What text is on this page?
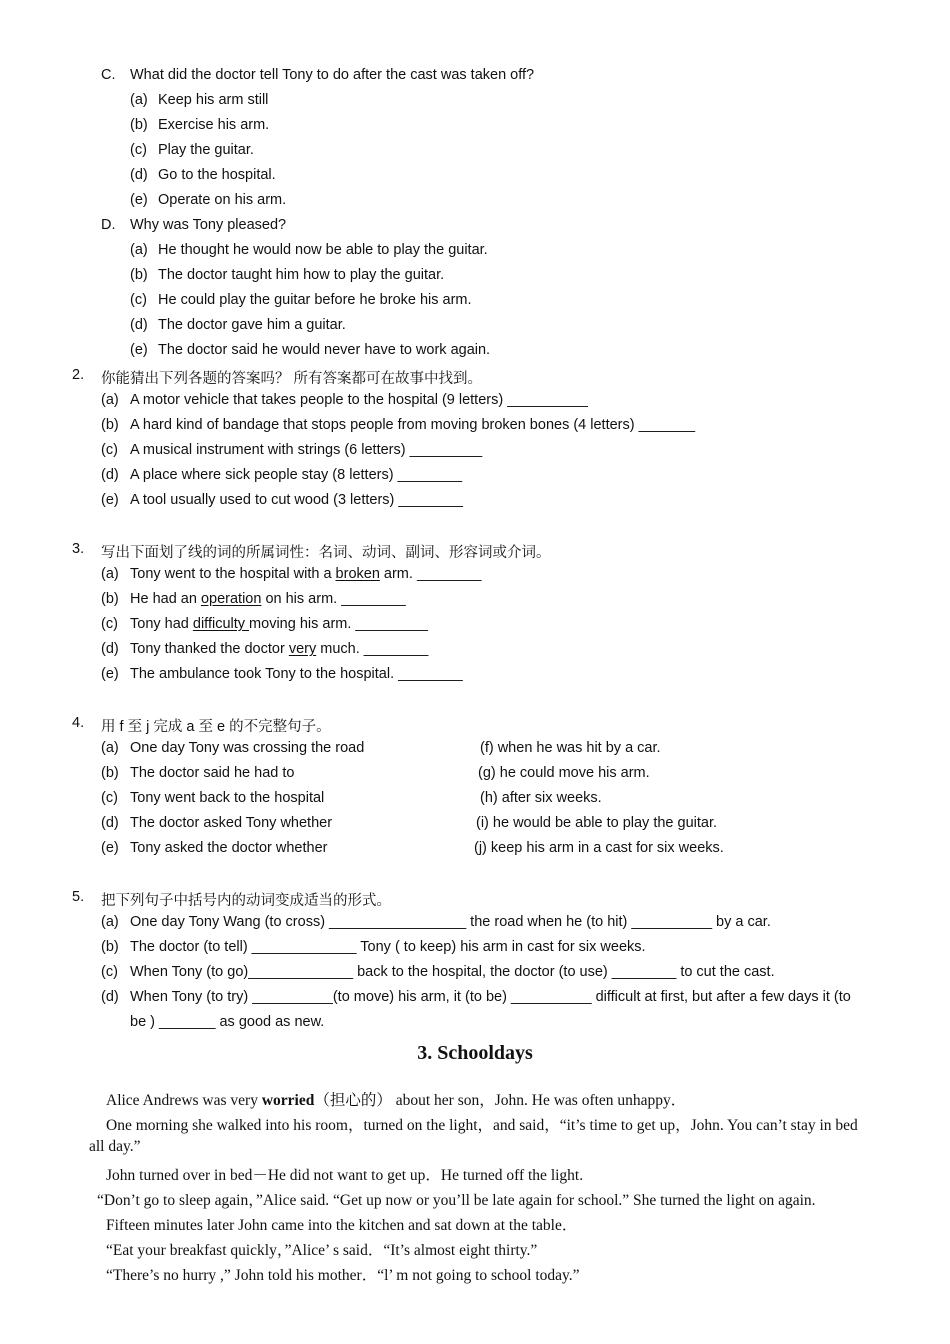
C. What did the doctor tell Tony to do after the cast was taken off?
(a) Keep his arm still
(b) Exercise his arm.
(c) Play the guitar.
(d) Go to the hospital.
(e) Operate on his arm.
D. Why was Tony pleased?
(a) He thought he would now be able to play the guitar.
(b) The doctor taught him how to play the guitar.
(c) He could play the guitar before he broke his arm.
(d) The doctor gave him a guitar.
(e) The doctor said he would never have to work again.
2. 你能猜出下列各题的答案吗？ 所有答案都可在故事中找到。
(a) A motor vehicle that takes people to the hospital (9 letters) __________
(b) A hard kind of bandage that stops people from moving broken bones (4 letters) _______
(c) A musical instrument with strings (6 letters) _________
(d) A place where sick people stay (8 letters) ________
(e) A tool usually used to cut wood (3 letters) ________
3. 写出下面划了线的词的所属词性：名词、动词、副词、形容词或介词。
(a) Tony went to the hospital with a broken arm. ________
(b) He had an operation on his arm. ________
(c) Tony had difficulty moving his arm. _________
(d) Tony thanked the doctor very much. ________
(e) The ambulance took Tony to the hospital. ________
4. 用 f 至 j 完成 a 至 e 的不完整句子。
(a) One day Tony was crossing the road	(f) when he was hit by a car.
(b) The doctor said he had to	(g) he could move his arm.
(c) Tony went back to the hospital	(h) after six weeks.
(d) The doctor asked Tony whether	(i) he would be able to play the guitar.
(e) Tony asked the doctor whether	(j) keep his arm in a cast for six weeks.
5. 把下列句子中括号内的动词变成适当的形式。
(a) One day Tony Wang (to cross) _________________ the road when he (to hit) __________ by a car.
(b) The doctor (to tell) _____________ Tony ( to keep) his arm in cast for six weeks.
(c) When Tony (to go)_____________ back to the hospital, the doctor (to use) ________ to cut the cast.
(d) When Tony (to try) __________(to move) his arm, it (to be) __________ difficult at first, but after a few days it (to
be ) _______ as good as new.
3. Schooldays
Alice Andrews was very worried（担心的） about her son，John. He was often unhappy．
One morning she walked into his room，turned on the light，and said，“it’s time to get up，John. You can’t stay in bed
all day.”
John turned over in bed－He did not want to get up．He turned off the light.
“Don’t go to sleep again，”Alice said. “Get up now or you’ll be late again for school.” She turned the light on again.
Fifteen minutes later John came into the kitchen and sat down at the table．
“Eat your breakfast quickly，”Alice’ s said．“It’s almost eight thirty.”
“There’s no hurry ,” John told his mother．“l’ m not going to school today.”
